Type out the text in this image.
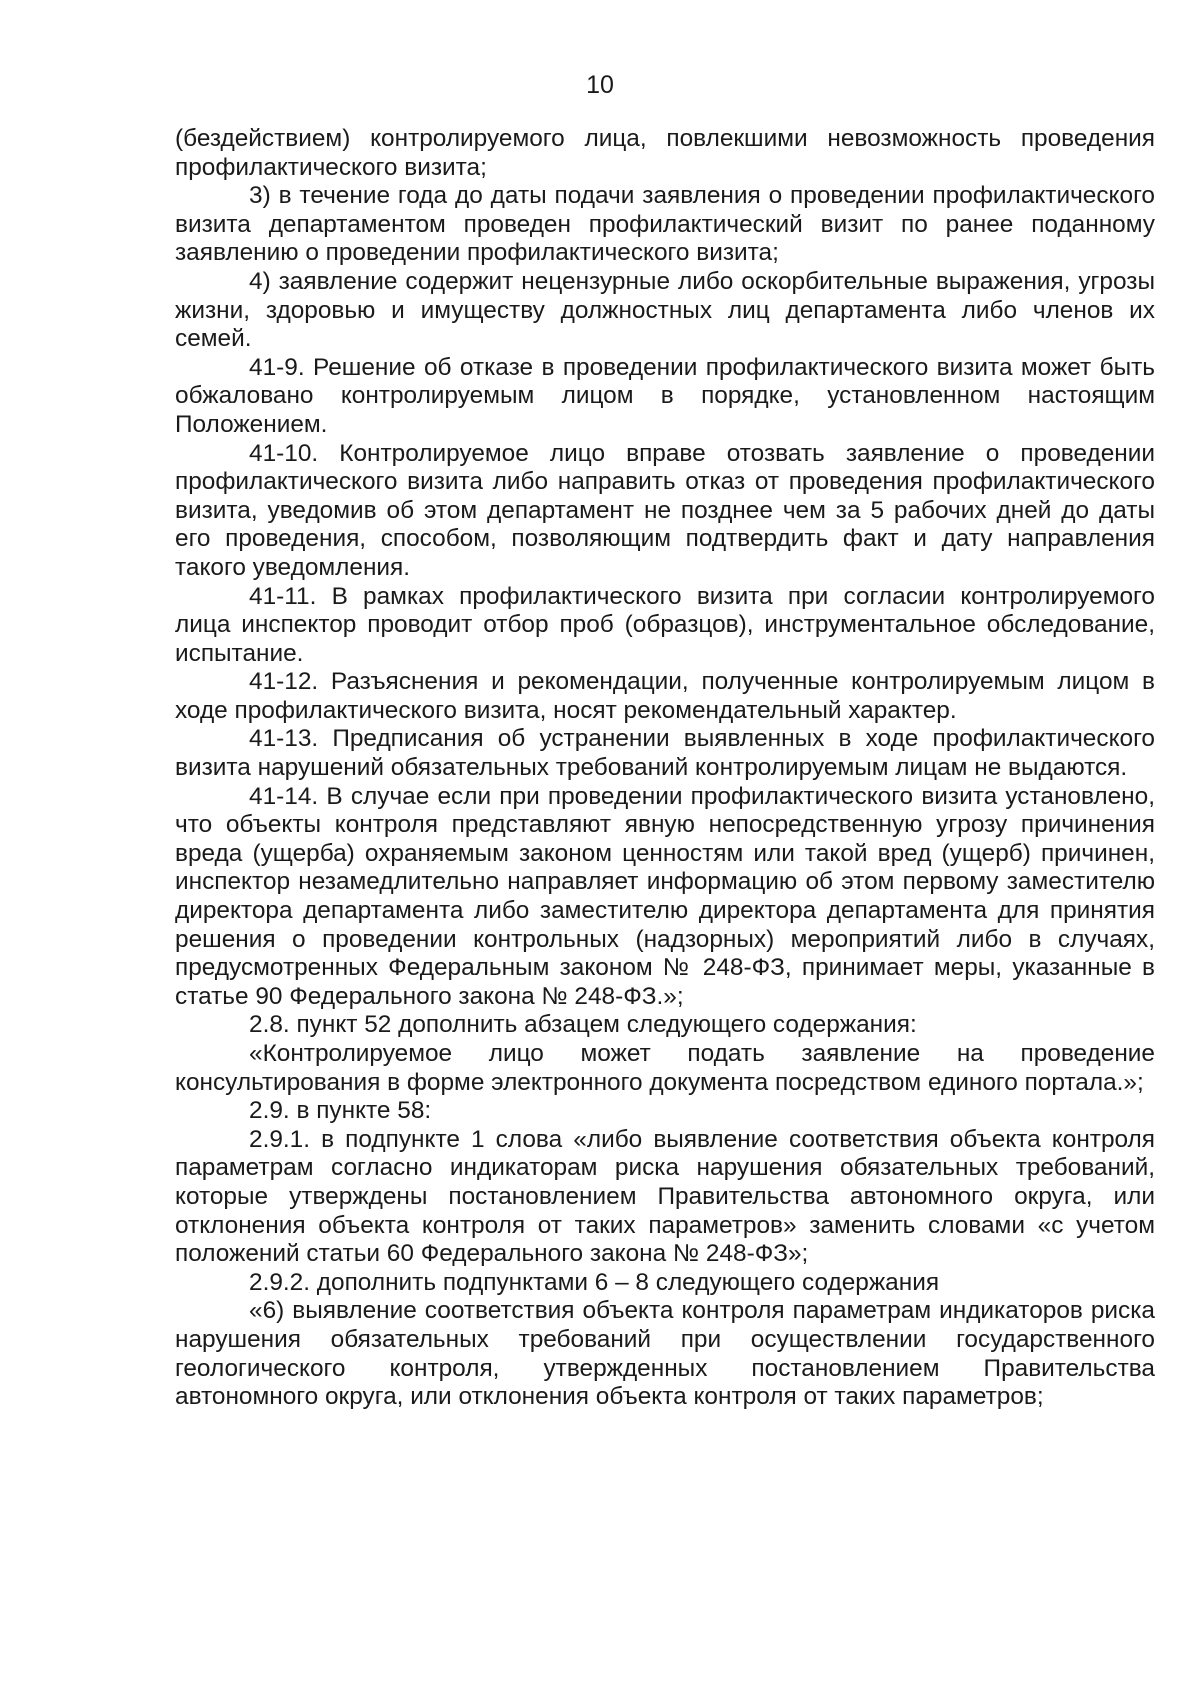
10

(бездействием) контролируемого лица, повлекшими невозможность проведения профилактического визита;

3) в течение года до даты подачи заявления о проведении профилактического визита департаментом проведен профилактический визит по ранее поданному заявлению о проведении профилактического визита;

4) заявление содержит нецензурные либо оскорбительные выражения, угрозы жизни, здоровью и имуществу должностных лиц департамента либо членов их семей.

41-9. Решение об отказе в проведении профилактического визита может быть обжаловано контролируемым лицом в порядке, установленном настоящим Положением.

41-10. Контролируемое лицо вправе отозвать заявление о проведении профилактического визита либо направить отказ от проведения профилактического визита, уведомив об этом департамент не позднее чем за 5 рабочих дней до даты его проведения, способом, позволяющим подтвердить факт и дату направления такого уведомления.

41-11. В рамках профилактического визита при согласии контролируемого лица инспектор проводит отбор проб (образцов), инструментальное обследование, испытание.

41-12. Разъяснения и рекомендации, полученные контролируемым лицом в ходе профилактического визита, носят рекомендательный характер.

41-13. Предписания об устранении выявленных в ходе профилактического визита нарушений обязательных требований контролируемым лицам не выдаются.

41-14. В случае если при проведении профилактического визита установлено, что объекты контроля представляют явную непосредственную угрозу причинения вреда (ущерба) охраняемым законом ценностям или такой вред (ущерб) причинен, инспектор незамедлительно направляет информацию об этом первому заместителю директора департамента либо заместителю директора департамента для принятия решения о проведении контрольных (надзорных) мероприятий либо в случаях, предусмотренных Федеральным законом № 248-ФЗ, принимает меры, указанные в статье 90 Федерального закона № 248-ФЗ.»;

2.8. пункт 52 дополнить абзацем следующего содержания:

«Контролируемое лицо может подать заявление на проведение консультирования в форме электронного документа посредством единого портала.»;

2.9. в пункте 58:

2.9.1. в подпункте 1 слова «либо выявление соответствия объекта контроля параметрам согласно индикаторам риска нарушения обязательных требований, которые утверждены постановлением Правительства автономного округа, или отклонения объекта контроля от таких параметров» заменить словами «с учетом положений статьи 60 Федерального закона № 248-ФЗ»;

2.9.2. дополнить подпунктами 6 – 8 следующего содержания

«6) выявление соответствия объекта контроля параметрам индикаторов риска нарушения обязательных требований при осуществлении государственного геологического контроля, утвержденных постановлением Правительства автономного округа, или отклонения объекта контроля от таких параметров;
